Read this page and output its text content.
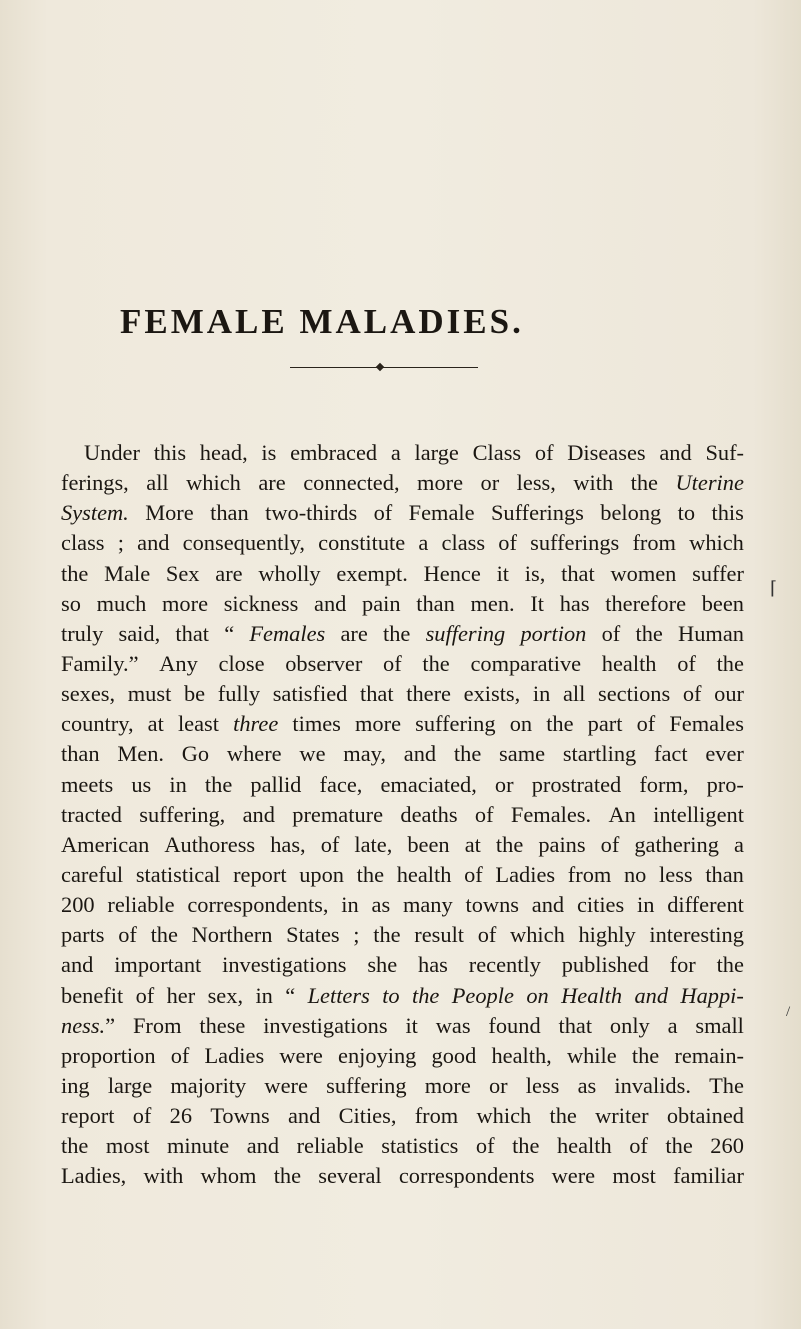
FEMALE MALADIES.
Under this head, is embraced a large Class of Diseases and Suf-
ferings, all which are connected, more or less, with the Uterine
System. More than two-thirds of Female Sufferings belong to this
class ; and consequently, constitute a class of sufferings from which
the Male Sex are wholly exempt. Hence it is, that women suffer
so much more sickness and pain than men. It has therefore been
truly said, that “ Females are the suffering portion of the Human
Family.” Any close observer of the comparative health of the
sexes, must be fully satisfied that there exists, in all sections of our
country, at least three times more suffering on the part of Females
than Men. Go where we may, and the same startling fact ever
meets us in the pallid face, emaciated, or prostrated form, pro-
tracted suffering, and premature deaths of Females. An intelligent
American Authoress has, of late, been at the pains of gathering a
careful statistical report upon the health of Ladies from no less than
200 reliable correspondents, in as many towns and cities in different
parts of the Northern States ; the result of which highly interesting
and important investigations she has recently published for the
benefit of her sex, in “ Letters to the People on Health and Happi-
ness.” From these investigations it was found that only a small
proportion of Ladies were enjoying good health, while the remain-
ing large majority were suffering more or less as invalids. The
report of 26 Towns and Cities, from which the writer obtained
the most minute and reliable statistics of the health of the 260
Ladies, with whom the several correspondents were most familiar
⌈
/
